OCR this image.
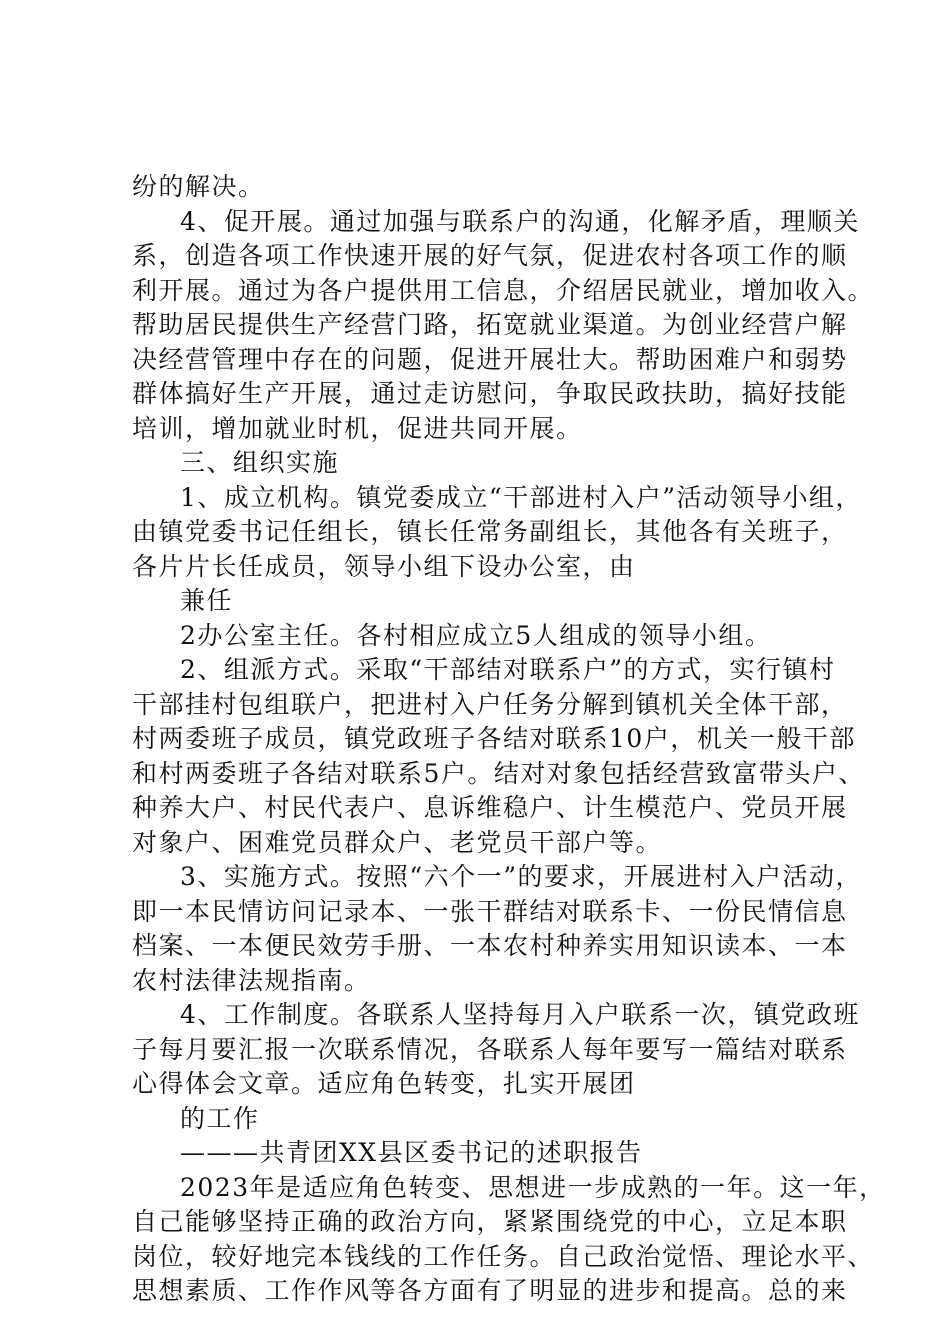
纷的解决。
4、促开展。通过加强与联系户的沟通，化解矛盾，理顺关
系，创造各项工作快速开展的好气氛，促进农村各项工作的顺
利开展。通过为各户提供用工信息，介绍居民就业，增加收入。
帮助居民提供生产经营门路，拓宽就业渠道。为创业经营户解
决经营管理中存在的问题，促进开展壮大。帮助困难户和弱势
群体搞好生产开展，通过走访慰问，争取民政扶助，搞好技能
培训，增加就业时机，促进共同开展。
三、组织实施
1、成立机构。镇党委成立“干部进村入户”活动领导小组，
由镇党委书记任组长，镇长任常务副组长，其他各有关班子，
各片片长任成员，领导小组下设办公室，由
兼任
2办公室主任。各村相应成立5人组成的领导小组。
2、组派方式。采取“干部结对联系户”的方式，实行镇村
干部挂村包组联户，把进村入户任务分解到镇机关全体干部，
村两委班子成员，镇党政班子各结对联系10户，机关一般干部
和村两委班子各结对联系5户。结对对象包括经营致富带头户、
种养大户、村民代表户、息诉维稳户、计生模范户、党员开展
对象户、困难党员群众户、老党员干部户等。
3、实施方式。按照“六个一”的要求，开展进村入户活动，
即一本民情访问记录本、一张干群结对联系卡、一份民情信息
档案、一本便民效劳手册、一本农村种养实用知识读本、一本
农村法律法规指南。
4、工作制度。各联系人坚持每月入户联系一次，镇党政班
子每月要汇报一次联系情况，各联系人每年要写一篇结对联系
心得体会文章。适应角色转变，扎实开展团
的工作
———共青团XX县区委书记的述职报告
2023年是适应角色转变、思想进一步成熟的一年。这一年，
自己能够坚持正确的政治方向，紧紧围绕党的中心，立足本职
岗位，较好地完本钱线的工作任务。自己政治觉悟、理论水平、
思想素质、工作作风等各方面有了明显的进步和提高。总的来
